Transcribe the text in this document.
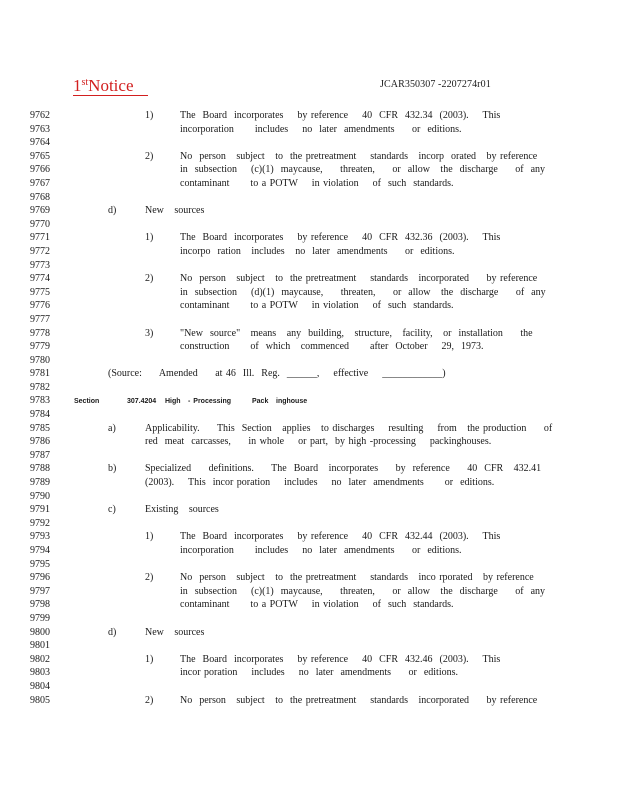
1stNotice	JCAR350307 -2207274r01
9762	1)	The  Board  incorporates    by reference    40  CFR  432.34  (2003).    This
9763	incorporation      includes    no  later  amendments     or  editions.
9764
9765	2)	No  person   subject   to  the pretreatment    standards   incorp  orated   by reference
9766	in  subsection    (c)(1)  maycause,     threaten,     or  allow   the  discharge     of  any
9767	contaminant      to a POTW    in violation    of  such  standards.
9768
9769	d)	New   sources
9770
9771	1)	The  Board  incorporates    by reference    40  CFR  432.36  (2003).    This
9772	incorpo  ration   includes   no  later  amendments     or  editions.
9773
9774	2)	No  person   subject   to  the pretreatment    standards   incorporated     by reference
9775	in  subsection    (d)(1)  maycause,     threaten,     or  allow   the  discharge     of  any
9776	contaminant      to a POTW    in violation    of  such  standards.
9777
9778	3)	"New  source"   means   any  building,   structure,   facility,   or  installation     the
9779	construction      of  which   commenced      after  October    29,  1973.
9780
9781	(Source:     Amended     at 46  Ill.  Reg.  ______,    effective    ____________)
9782
9783	Section	307.4204 High - Processing	Pack inghouse
9784
9785	a)	Applicability.     This  Section   applies   to discharges    resulting    from   the production     of
9786	red  meat  carcasses,     in whole    or part,  by high -processing    packinghouses.
9787
9788	b)	Specialized     definitions.     The  Board   incorporates     by  reference     40  CFR   432.41
9789	(2003).    This  incor poration    includes    no  later  amendments      or  editions.
9790
9791	c)	Existing   sources
9792
9793	1)	The  Board  incorporates    by reference    40  CFR  432.44  (2003).    This
9794	incorporation      includes    no  later  amendments     or  editions.
9795
9796	2)	No  person   subject   to  the pretreatment    standards   inco rporated   by reference
9797	in  subsection    (c)(1)  maycause,     threaten,     or  allow   the  discharge     of  any
9798	contaminant      to a POTW    in violation    of  such  standards.
9799
9800	d)	New   sources
9801
9802	1)	The  Board  incorporates    by reference    40  CFR  432.46  (2003).    This
9803	incor poration    includes    no  later  amendments     or  editions.
9804
9805	2)	No  person   subject   to  the pretreatment    standards   incorporated     by reference
